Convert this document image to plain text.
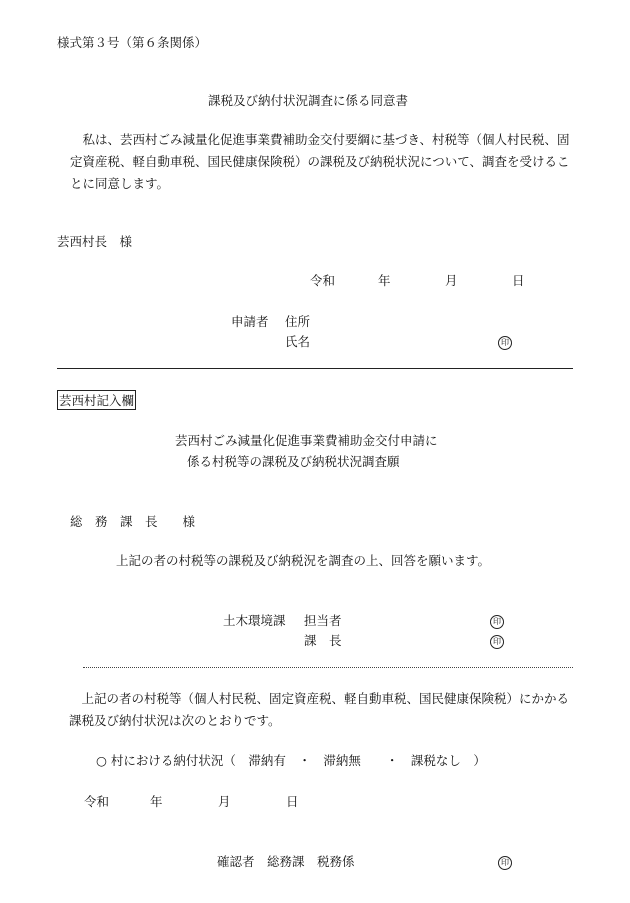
様式第３号（第６条関係）
課税及び納付状況調査に係る同意書
　私は、芸西村ごみ減量化促進事業費補助金交付要綱に基づき、村税等（個人村民税、固定資産税、軽自動車税、国民健康保険税）の課税及び納税状況について、調査を受けることに同意します。
芸西村長　様
令和	年	月	日
申請者 住所
氏名	印
芸西村記入欄
芸西村ごみ減量化促進事業費補助金交付申請に
係る村税等の課税及び納税状況調査願
総　務　課　長　　様
上記の者の村税等の課税及び納税況を調査の上、回答を願います。
土木環境課 担当者	印
課　長	印
　上記の者の村税等（個人村民税、固定資産税、軽自動車税、国民健康保険税）にかかる課税及び納付状況は次のとおりです。
○ 村における納付状況（　滞納有　・　滞納無　　・　課税なし　）
令和	年	月	日
確認者　総務課　税務係	印
